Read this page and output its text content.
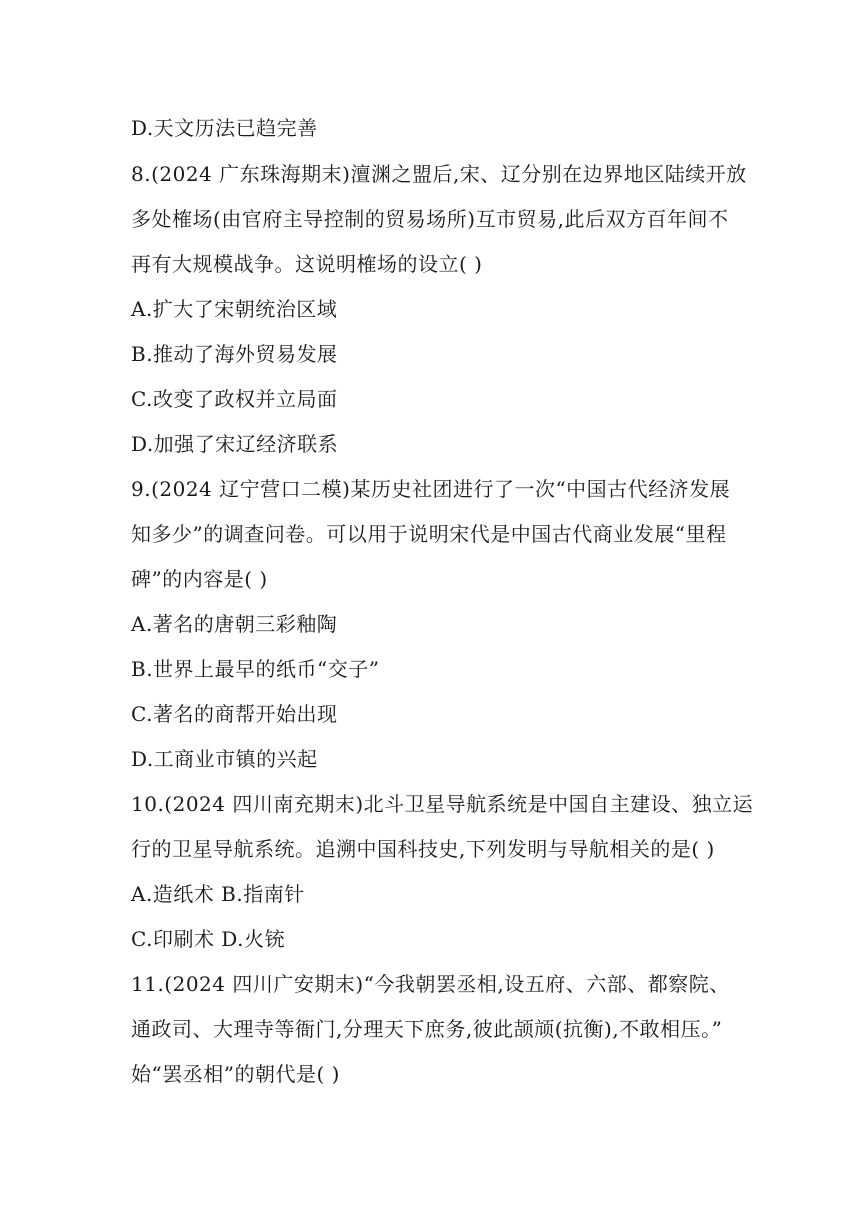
D.天文历法已趋完善
8.(2024 广东珠海期末)澶渊之盟后,宋、辽分别在边界地区陆续开放
多处榷场(由官府主导控制的贸易场所)互市贸易,此后双方百年间不
再有大规模战争。这说明榷场的设立( )
A.扩大了宋朝统治区域
B.推动了海外贸易发展
C.改变了政权并立局面
D.加强了宋辽经济联系
9.(2024 辽宁营口二模)某历史社团进行了一次“中国古代经济发展
知多少”的调查问卷。可以用于说明宋代是中国古代商业发展“里程
碑”的内容是( )
A.著名的唐朝三彩釉陶
B.世界上最早的纸币“交子”
C.著名的商帮开始出现
D.工商业市镇的兴起
10.(2024 四川南充期末)北斗卫星导航系统是中国自主建设、独立运
行的卫星导航系统。追溯中国科技史,下列发明与导航相关的是( )
A.造纸术 B.指南针
C.印刷术 D.火铳
11.(2024 四川广安期末)“今我朝罢丞相,设五府、六部、都察院、
通政司、大理寺等衙门,分理天下庶务,彼此颉颃(抗衡),不敢相压。”
始“罢丞相”的朝代是( )
